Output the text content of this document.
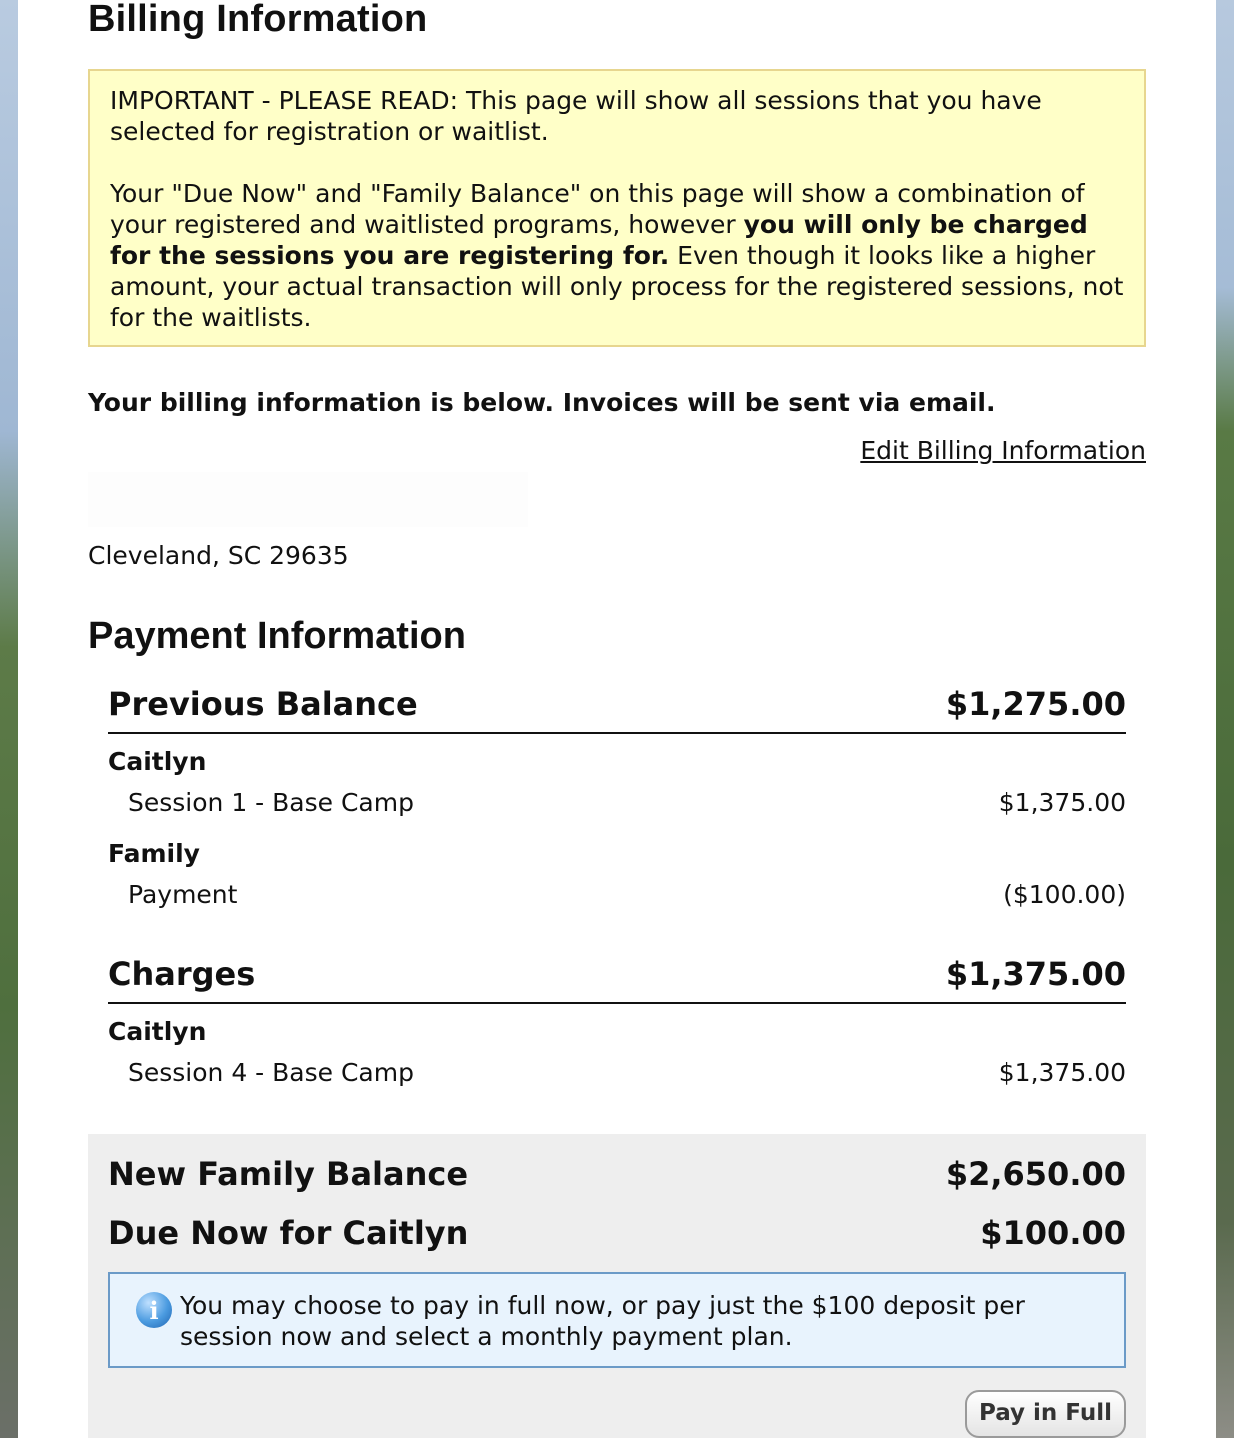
Billing Information

IMPORTANT - PLEASE READ: This page will show all sessions that you have selected for registration or waitlist.

Your "Due Now" and "Family Balance" on this page will show a combination of your registered and waitlisted programs, however you will only be charged for the sessions you are registering for. Even though it looks like a higher amount, your actual transaction will only process for the registered sessions, not for the waitlists.

Your billing information is below. Invoices will be sent via email.
Edit Billing Information
Cleveland, SC 29635
Payment Information
Previous Balance	$1,275.00
Caitlyn
Session 1 - Base Camp	$1,375.00
Family
Payment	($100.00)
Charges	$1,375.00
Caitlyn
Session 4 - Base Camp	$1,375.00
New Family Balance	$2,650.00
Due Now for Caitlyn	$100.00
i You may choose to pay in full now, or pay just the $100 deposit per session now and select a monthly payment plan.
Pay in Full
